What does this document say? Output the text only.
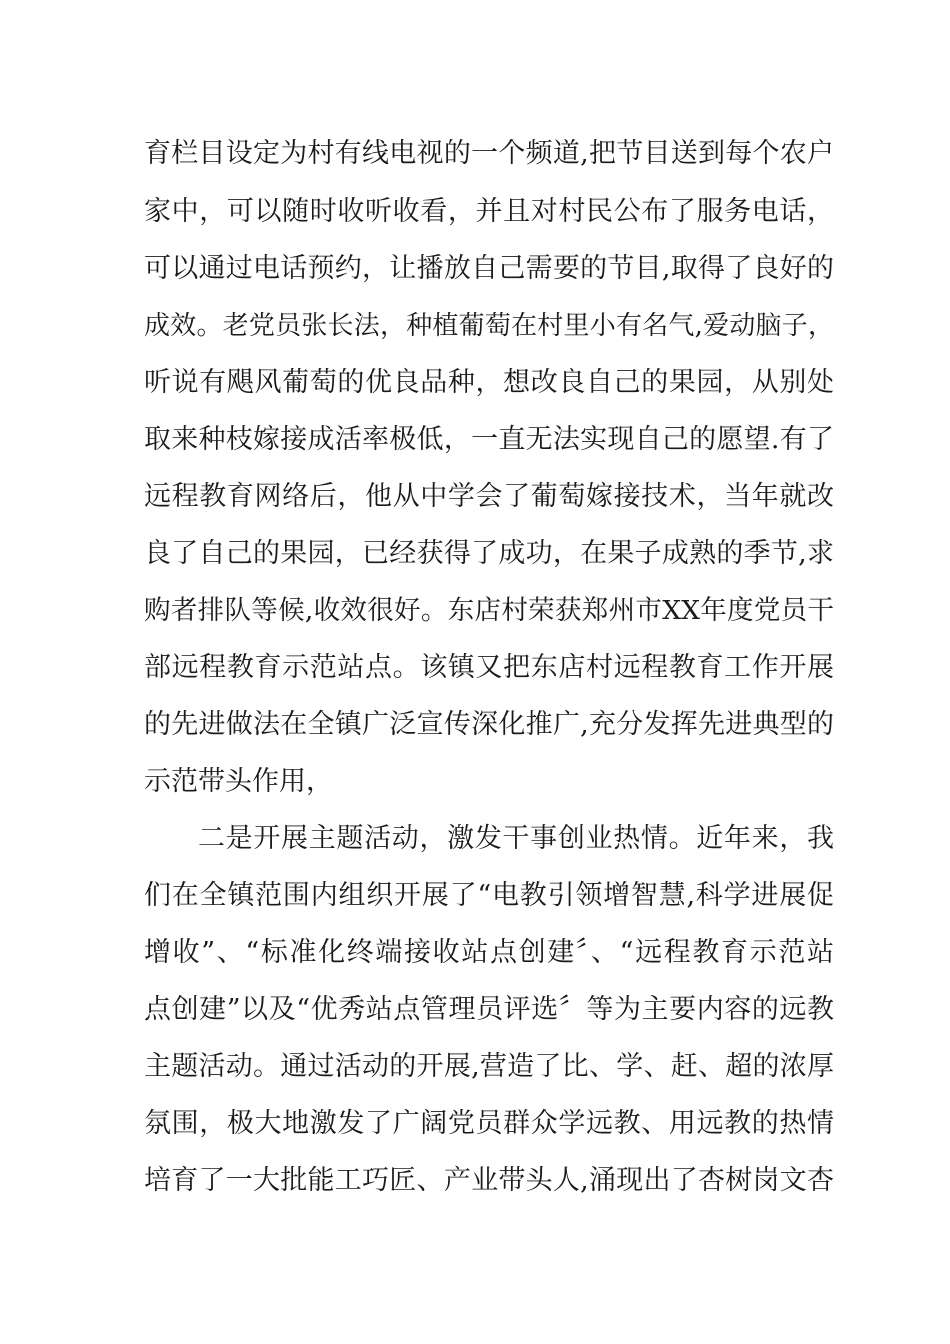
育栏目设定为村有线电视的一个频道,把节目送到每个农户
家中，可以随时收听收看，并且对村民公布了服务电话，
可以通过电话预约，让播放自己需要的节目,取得了良好的
成效。老党员张长法，种植葡萄在村里小有名气,爱动脑子，
听说有飓风葡萄的优良品种，想改良自己的果园，从别处
取来种枝嫁接成活率极低，一直无法实现自己的愿望.有了
远程教育网络后，他从中学会了葡萄嫁接技术，当年就改
良了自己的果园，已经获得了成功，在果子成熟的季节,求
购者排队等候,收效很好。东店村荣获郑州市XX年度党员干
部远程教育示范站点。该镇又把东店村远程教育工作开展
的先进做法在全镇广泛宣传深化推广,充分发挥先进典型的
示范带头作用，
二是开展主题活动，激发干事创业热情。近年来，我
们在全镇范围内组织开展了“电教引领增智慧,科学进展促
增收”、“标准化终端接收站点创建〞、“远程教育示范站
点创建”以及“优秀站点管理员评选〞等为主要内容的远教
主题活动。通过活动的开展,营造了比、学、赶、超的浓厚
氛围，极大地激发了广阔党员群众学远教、用远教的热情
培育了一大批能工巧匠、产业带头人,涌现出了杏树岗文杏
